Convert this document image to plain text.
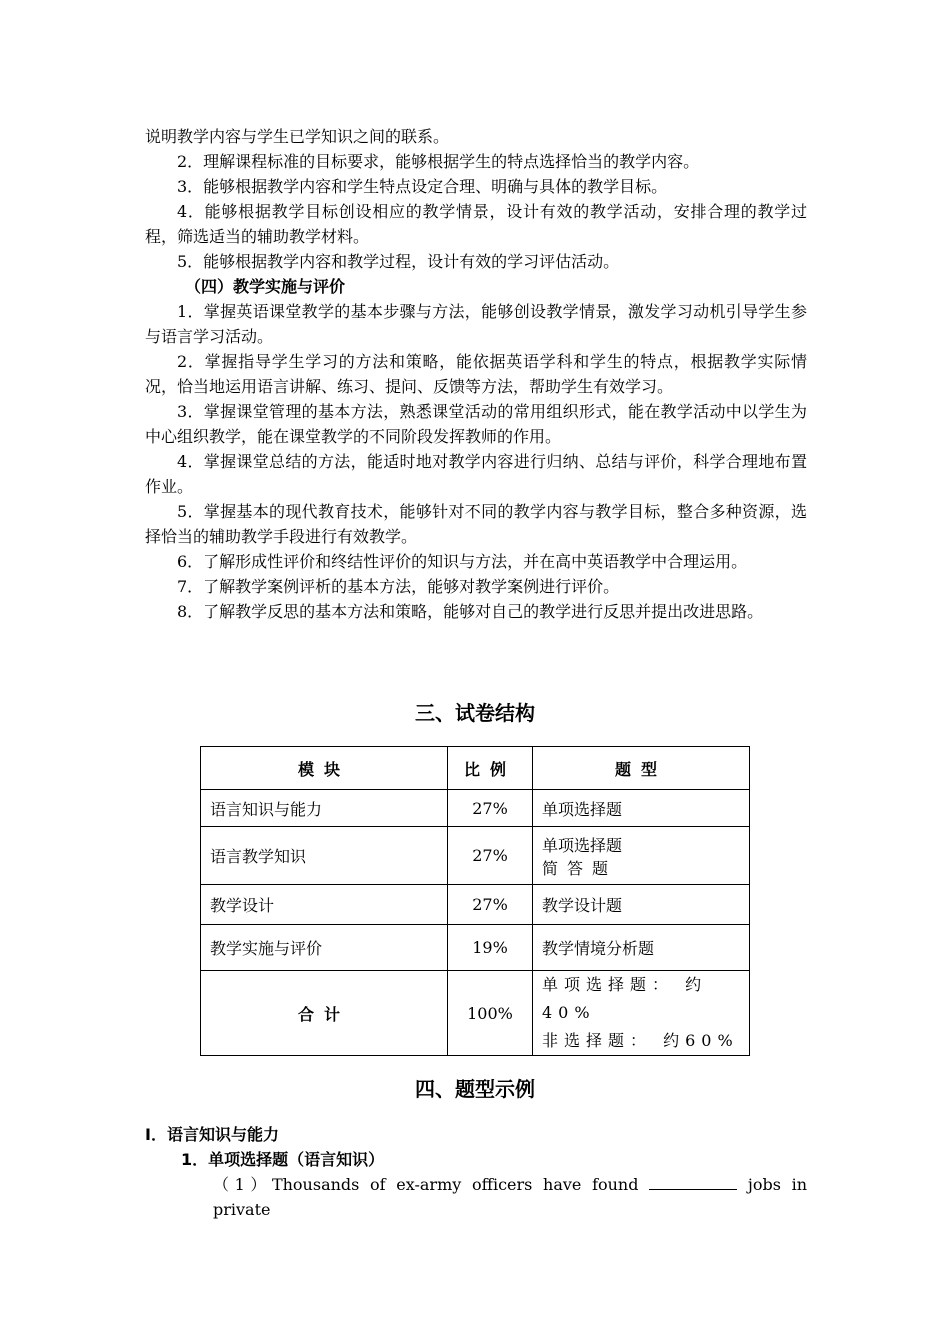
说明教学内容与学生已学知识之间的联系。

2．理解课程标准的目标要求，能够根据学生的特点选择恰当的教学内容。

3．能够根据教学内容和学生特点设定合理、明确与具体的教学目标。

4．能够根据教学目标创设相应的教学情景，设计有效的教学活动，安排合理的教学过程，筛选适当的辅助教学材料。

5．能够根据教学内容和教学过程，设计有效的学习评估活动。

（四）教学实施与评价

1．掌握英语课堂教学的基本步骤与方法，能够创设教学情景，激发学习动机引导学生参与语言学习活动。

2．掌握指导学生学习的方法和策略，能依据英语学科和学生的特点，根据教学实际情况，恰当地运用语言讲解、练习、提问、反馈等方法，帮助学生有效学习。

3．掌握课堂管理的基本方法，熟悉课堂活动的常用组织形式，能在教学活动中以学生为中心组织教学，能在课堂教学的不同阶段发挥教师的作用。

4．掌握课堂总结的方法，能适时地对教学内容进行归纳、总结与评价，科学合理地布置作业。

5．掌握基本的现代教育技术，能够针对不同的教学内容与教学目标，整合多种资源，选择恰当的辅助教学手段进行有效教学。

6．了解形成性评价和终结性评价的知识与方法，并在高中英语教学中合理运用。

7．了解教学案例评析的基本方法，能够对教学案例进行评价。

8．了解教学反思的基本方法和策略，能够对自己的教学进行反思并提出改进思路。

三、试卷结构
模块	比例	题型
语言知识与能力	27%	单项选择题
语言教学知识	27%	单项选择题
简答题

教学设计	27%	教学设计题
教学实施与评价	19%	教学情境分析题
合计	100%	单项选择题： 约40%
非选择题： 约60%
四、题型示例

I．语言知识与能力

1．单项选择题（语言知识）

（1）Thousands of ex-army officers have found	jobs in private
